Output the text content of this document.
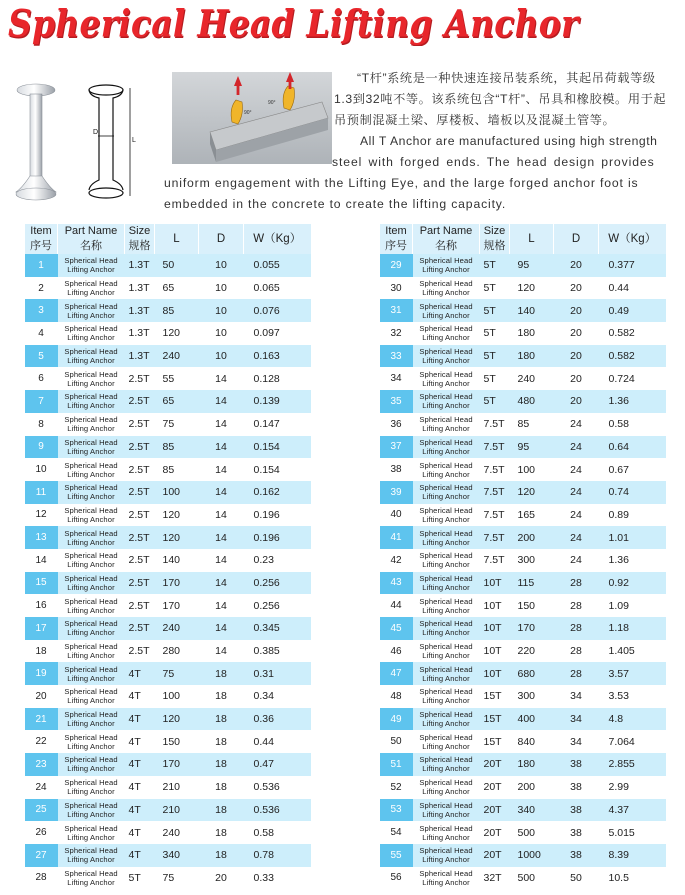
Spherical Head Lifting Anchor
D
L
90°
90°
“T杆”系统是一种快速连接吊装系统，其起吊荷载等级
1.3到32吨不等。该系统包含“T杆”、吊具和橡胶模。用于起
吊预制混凝土梁、厚楼板、墙板以及混凝土管等。
All T Anchor are manufactured using high strength
steel with forged ends. The head design provides
uniform engagement with the Lifting Eye, and the large forged anchor foot is
embedded in the concrete to create the lifting capacity.
Item	Part Name	Size	L	D	W（Kg）
序号	名称	规格			
1	Spherical Head
Lifting Anchor	1.3T	50	10	0.055
2	Spherical Head
Lifting Anchor	1.3T	65	10	0.065
3	Spherical Head
Lifting Anchor	1.3T	85	10	0.076
4	Spherical Head
Lifting Anchor	1.3T	120	10	0.097
5	Spherical Head
Lifting Anchor	1.3T	240	10	0.163
6	Spherical Head
Lifting Anchor	2.5T	55	14	0.128
7	Spherical Head
Lifting Anchor	2.5T	65	14	0.139
8	Spherical Head
Lifting Anchor	2.5T	75	14	0.147
9	Spherical Head
Lifting Anchor	2.5T	85	14	0.154
10	Spherical Head
Lifting Anchor	2.5T	85	14	0.154
11	Spherical Head
Lifting Anchor	2.5T	100	14	0.162
12	Spherical Head
Lifting Anchor	2.5T	120	14	0.196
13	Spherical Head
Lifting Anchor	2.5T	120	14	0.196
14	Spherical Head
Lifting Anchor	2.5T	140	14	0.23
15	Spherical Head
Lifting Anchor	2.5T	170	14	0.256
16	Spherical Head
Lifting Anchor	2.5T	170	14	0.256
17	Spherical Head
Lifting Anchor	2.5T	240	14	0.345
18	Spherical Head
Lifting Anchor	2.5T	280	14	0.385
19	Spherical Head
Lifting Anchor	4T	75	18	0.31
20	Spherical Head
Lifting Anchor	4T	100	18	0.34
21	Spherical Head
Lifting Anchor	4T	120	18	0.36
22	Spherical Head
Lifting Anchor	4T	150	18	0.44
23	Spherical Head
Lifting Anchor	4T	170	18	0.47
24	Spherical Head
Lifting Anchor	4T	210	18	0.536
25	Spherical Head
Lifting Anchor	4T	210	18	0.536
26	Spherical Head
Lifting Anchor	4T	240	18	0.58
27	Spherical Head
Lifting Anchor	4T	340	18	0.78
28	Spherical Head
Lifting Anchor	5T	75	20	0.33
Item	Part Name	Size	L	D	W（Kg）
序号	名称	规格			
29	Spherical Head
Lifting Anchor	5T	95	20	0.377
30	Spherical Head
Lifting Anchor	5T	120	20	0.44
31	Spherical Head
Lifting Anchor	5T	140	20	0.49
32	Spherical Head
Lifting Anchor	5T	180	20	0.582
33	Spherical Head
Lifting Anchor	5T	180	20	0.582
34	Spherical Head
Lifting Anchor	5T	240	20	0.724
35	Spherical Head
Lifting Anchor	5T	480	20	1.36
36	Spherical Head
Lifting Anchor	7.5T	85	24	0.58
37	Spherical Head
Lifting Anchor	7.5T	95	24	0.64
38	Spherical Head
Lifting Anchor	7.5T	100	24	0.67
39	Spherical Head
Lifting Anchor	7.5T	120	24	0.74
40	Spherical Head
Lifting Anchor	7.5T	165	24	0.89
41	Spherical Head
Lifting Anchor	7.5T	200	24	1.01
42	Spherical Head
Lifting Anchor	7.5T	300	24	1.36
43	Spherical Head
Lifting Anchor	10T	115	28	0.92
44	Spherical Head
Lifting Anchor	10T	150	28	1.09
45	Spherical Head
Lifting Anchor	10T	170	28	1.18
46	Spherical Head
Lifting Anchor	10T	220	28	1.405
47	Spherical Head
Lifting Anchor	10T	680	28	3.57
48	Spherical Head
Lifting Anchor	15T	300	34	3.53
49	Spherical Head
Lifting Anchor	15T	400	34	4.8
50	Spherical Head
Lifting Anchor	15T	840	34	7.064
51	Spherical Head
Lifting Anchor	20T	180	38	2.855
52	Spherical Head
Lifting Anchor	20T	200	38	2.99
53	Spherical Head
Lifting Anchor	20T	340	38	4.37
54	Spherical Head
Lifting Anchor	20T	500	38	5.015
55	Spherical Head
Lifting Anchor	20T	1000	38	8.39
56	Spherical Head
Lifting Anchor	32T	500	50	10.5
